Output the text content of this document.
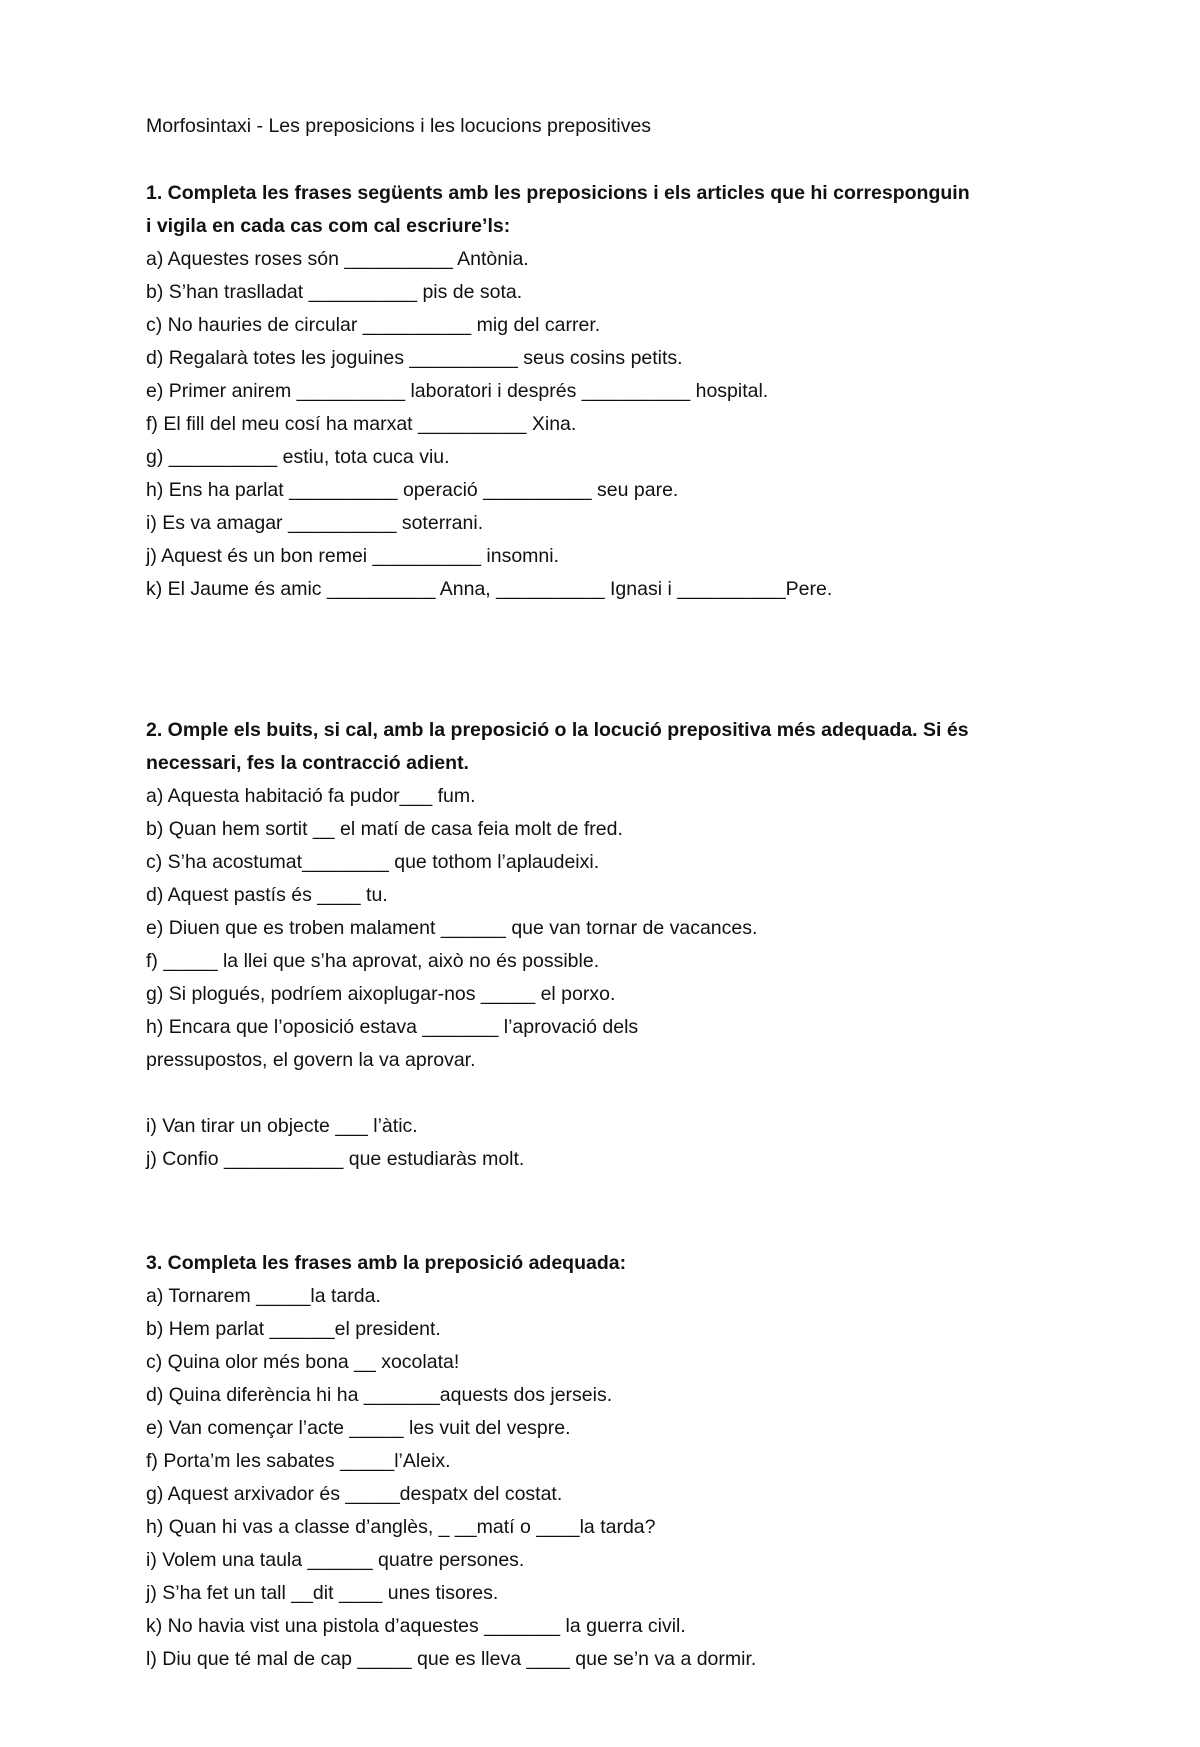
Morfosintaxi - Les preposicions i les locucions prepositives
1. Completa les frases següents amb les preposicions i els articles que hi corresponguin
i vigila en cada cas com cal escriure’ls:
a) Aquestes roses són __________ Antònia.
b) S’han traslladat __________ pis de sota.
c) No hauries de circular __________ mig del carrer.
d) Regalarà totes les joguines __________ seus cosins petits.
e) Primer anirem __________ laboratori i després __________ hospital.
f) El fill del meu cosí ha marxat __________ Xina.
g) __________ estiu, tota cuca viu.
h) Ens ha parlat __________ operació __________ seu pare.
i) Es va amagar __________ soterrani.
j) Aquest és un bon remei __________ insomni.
k) El Jaume és amic __________ Anna, __________ Ignasi i __________Pere.
2. Omple els buits, si cal, amb la preposició o la locució prepositiva més adequada. Si és
necessari, fes la contracció adient.
a) Aquesta habitació fa pudor___ fum.
b) Quan hem sortit __ el matí de casa feia molt de fred.
c) S’ha acostumat________ que tothom l’aplaudeixi.
d) Aquest pastís és ____ tu.
e) Diuen que es troben malament ______ que van tornar de vacances.
f) _____ la llei que s’ha aprovat, això no és possible.
g) Si plogués, podríem aixoplugar-nos _____ el porxo.
h) Encara que l’oposició estava _______ l’aprovació dels
pressupostos, el govern la va aprovar.
i) Van tirar un objecte ___ l’àtic.
j) Confio ___________ que estudiaràs molt.
3. Completa les frases amb la preposició adequada:
a) Tornarem _____la tarda.
b) Hem parlat ______el president.
c) Quina olor més bona __ xocolata!
d) Quina diferència hi ha _______aquests dos jerseis.
e) Van començar l’acte _____ les vuit del vespre.
f) Porta’m les sabates _____l’Aleix.
g) Aquest arxivador és _____despatx del costat.
h) Quan hi vas a classe d’anglès, _ __matí o ____la tarda?
i) Volem una taula ______ quatre persones.
j) S’ha fet un tall __dit ____ unes tisores.
k) No havia vist una pistola d’aquestes _______ la guerra civil.
l) Diu que té mal de cap _____ que es lleva ____ que se’n va a dormir.
